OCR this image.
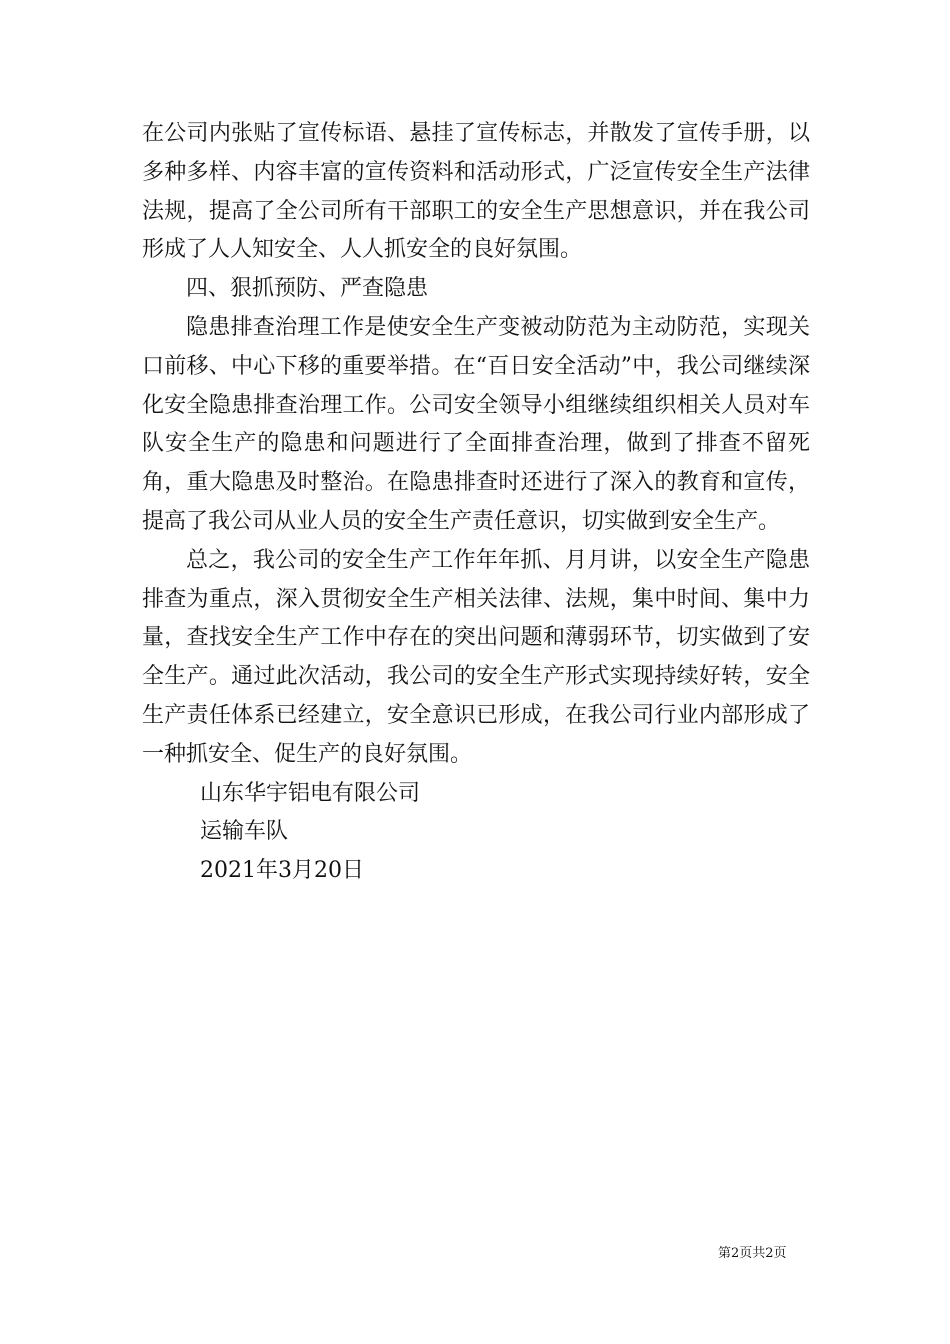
在公司内张贴了宣传标语、悬挂了宣传标志，并散发了宣传手册，以多种多样、内容丰富的宣传资料和活动形式，广泛宣传安全生产法律法规，提高了全公司所有干部职工的安全生产思想意识，并在我公司形成了人人知安全、人人抓安全的良好氛围。

四、狠抓预防、严查隐患

隐患排查治理工作是使安全生产变被动防范为主动防范，实现关口前移、中心下移的重要举措。在“百日安全活动”中，我公司继续深化安全隐患排查治理工作。公司安全领导小组继续组织相关人员对车队安全生产的隐患和问题进行了全面排查治理，做到了排查不留死角，重大隐患及时整治。在隐患排查时还进行了深入的教育和宣传，提高了我公司从业人员的安全生产责任意识，切实做到安全生产。

总之，我公司的安全生产工作年年抓、月月讲，以安全生产隐患排查为重点，深入贯彻安全生产相关法律、法规，集中时间、集中力量，查找安全生产工作中存在的突出问题和薄弱环节，切实做到了安全生产。通过此次活动，我公司的安全生产形式实现持续好转，安全生产责任体系已经建立，安全意识已形成，在我公司行业内部形成了一种抓安全、促生产的良好氛围。

山东华宇铝电有限公司

运输车队

2021年3月20日

第2页共2页
